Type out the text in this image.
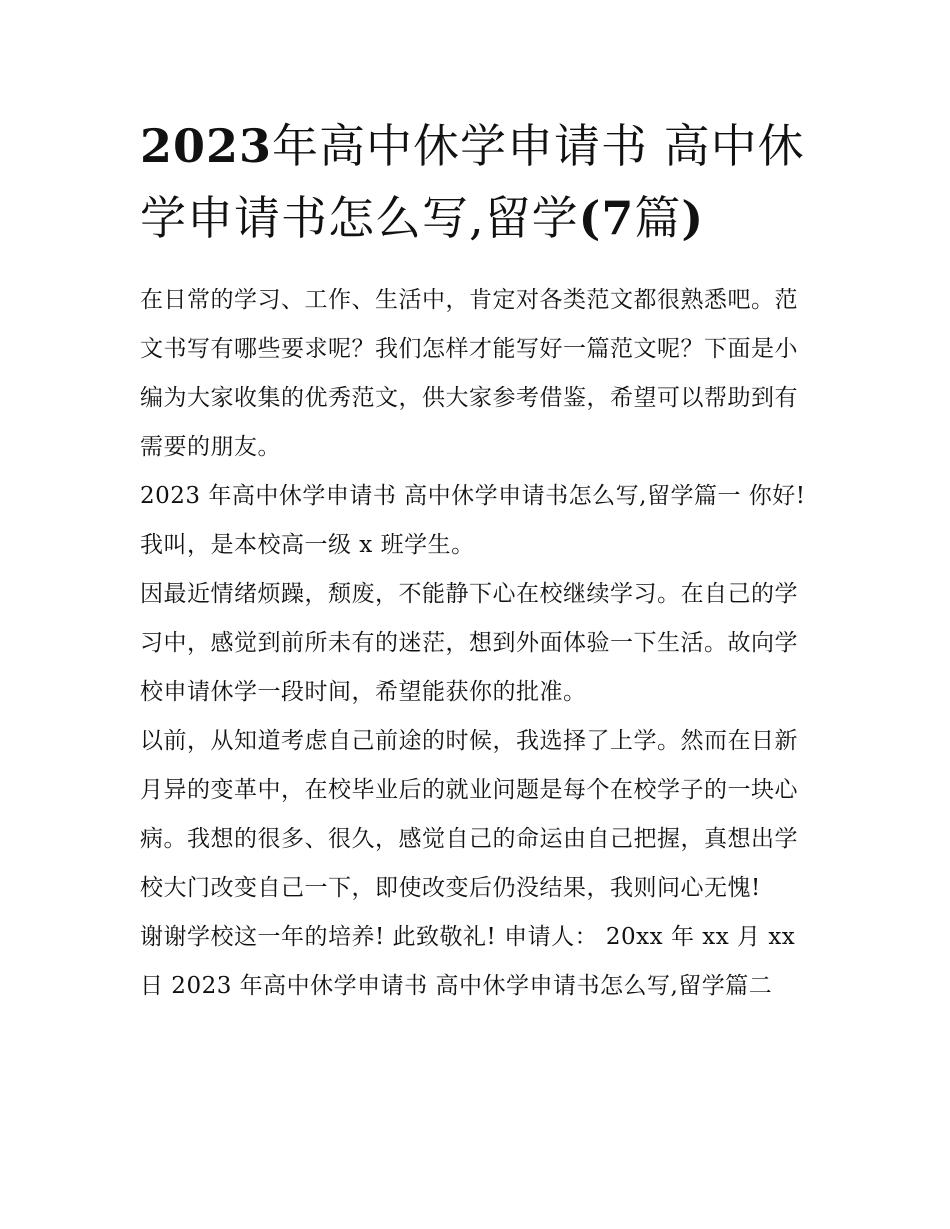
2023年高中休学申请书 高中休学申请书怎么写,留学(7篇)

在日常的学习、工作、生活中，肯定对各类范文都很熟悉吧。范文书写有哪些要求呢？我们怎样才能写好一篇范文呢？下面是小编为大家收集的优秀范文，供大家参考借鉴，希望可以帮助到有需要的朋友。

2023 年高中休学申请书 高中休学申请书怎么写,留学篇一 你好!我叫，是本校高一级 x 班学生。

因最近情绪烦躁，颓废，不能静下心在校继续学习。在自己的学习中，感觉到前所未有的迷茫，想到外面体验一下生活。故向学校申请休学一段时间，希望能获你的批准。

以前，从知道考虑自己前途的时候，我选择了上学。然而在日新月异的变革中，在校毕业后的就业问题是每个在校学子的一块心病。我想的很多、很久，感觉自己的命运由自己把握，真想出学校大门改变自己一下，即使改变后仍没结果，我则问心无愧!

谢谢学校这一年的培养! 此致敬礼! 申请人： 20xx 年 xx 月 xx 日 2023 年高中休学申请书 高中休学申请书怎么写,留学篇二
